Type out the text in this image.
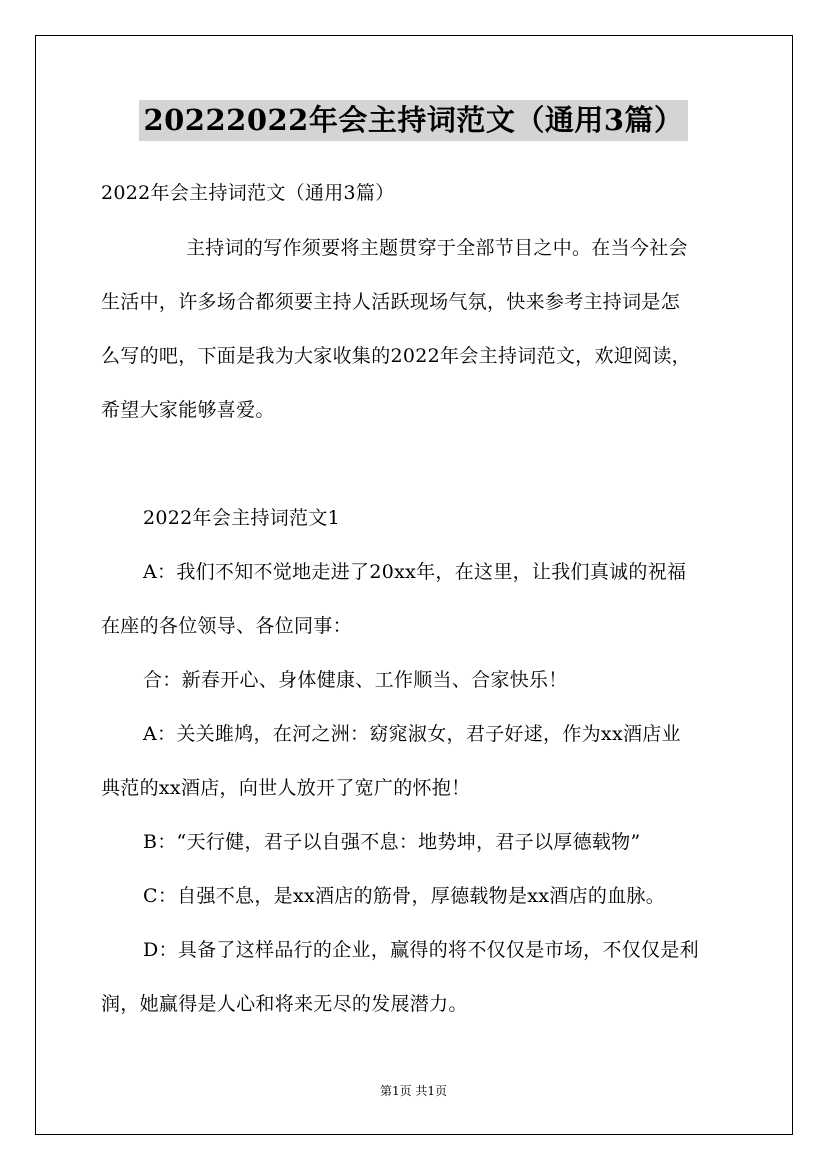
20222022年会主持词范文（通用3篇）
2022年会主持词范文（通用3篇）
主持词的写作须要将主题贯穿于全部节目之中。在当今社会
生活中，许多场合都须要主持人活跃现场气氛，快来参考主持词是怎
么写的吧，下面是我为大家收集的2022年会主持词范文，欢迎阅读，
希望大家能够喜爱。
2022年会主持词范文1
A：我们不知不觉地走进了20xx年，在这里，让我们真诚的祝福
在座的各位领导、各位同事：
合：新春开心、身体健康、工作顺当、合家快乐！
A：关关雎鸠，在河之洲：窈窕淑女，君子好逑，作为xx酒店业
典范的xx酒店，向世人放开了宽广的怀抱！
B：“天行健，君子以自强不息：地势坤，君子以厚德载物”
C：自强不息，是xx酒店的筋骨，厚德载物是xx酒店的血脉。
D：具备了这样品行的企业，赢得的将不仅仅是市场，不仅仅是利
润，她赢得是人心和将来无尽的发展潜力。
第1页 共1页
